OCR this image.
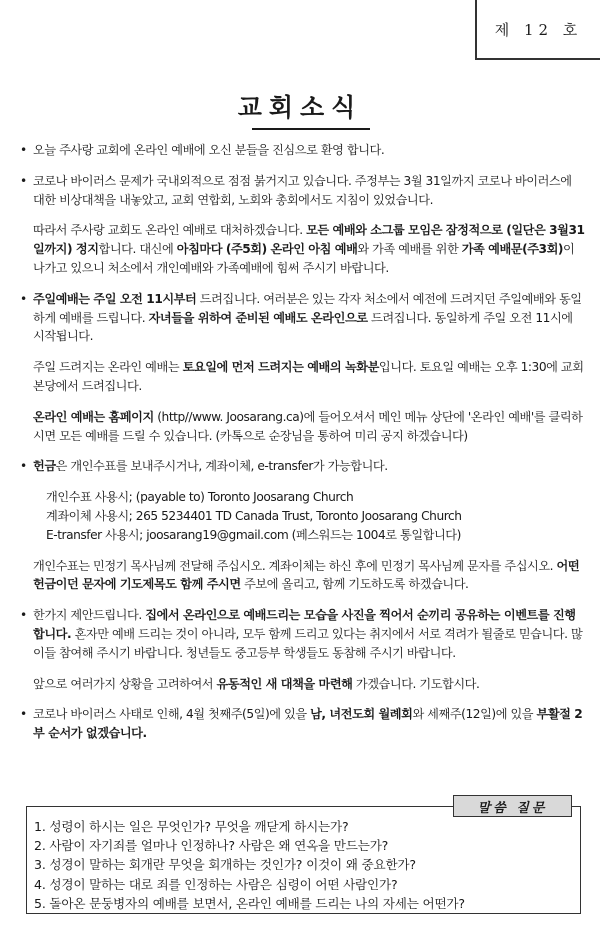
제 12 호
교회소식
• 오늘 주사랑 교회에 온라인 예배에 오신 분들을 진심으로 환영 합니다.
• 코로나 바이러스 문제가 국내외적으로 점점 붉거지고 있습니다. 주정부는 3월 31일까지 코로나 바이러스에 대한 비상대책을 내놓았고, 교회 연합회, 노회와 총회에서도 지침이 있었습니다.
따라서 주사랑 교회도 온라인 예배로 대처하겠습니다. 모든 예배와 소그룹 모임은 잠정적으로 (일단은 3월31일까지) 정지합니다. 대신에 아침마다 (주5회) 온라인 아침 예배와 가족 예배를 위한 가족 예배문(주3회)이 나가고 있으니 처소에서 개인예배와 가족예배에 힘써 주시기 바랍니다.
• 주일예배는 주일 오전 11시부터 드려집니다. 여러분은 있는 각자 처소에서 예전에 드려지던 주일예배와 동일하게 예배를 드립니다. 자녀들을 위하여 준비된 예배도 온라인으로 드려집니다. 동일하게 주일 오전 11시에 시작됩니다.
주일 드려지는 온라인 예배는 토요일에 먼저 드려지는 예배의 녹화분입니다. 토요일 예배는 오후 1:30에 교회 본당에서 드려집니다.
온라인 예배는 홈페이지 (http//www. Joosarang.ca)에 들어오셔서 메인 메뉴 상단에 '온라인 예배'를 클릭하시면 모든 예배를 드릴 수 있습니다. (카톡으로 순장님을 통하여 미리 공지 하겠습니다)
• 헌금은 개인수표를 보내주시거나, 계좌이체, e-transfer가 가능합니다.
개인수표 사용시; (payable to) Toronto Joosarang Church
계좌이체 사용시; 265 5234401 TD Canada Trust, Toronto Joosarang Church
E-transfer 사용시; joosarang19@gmail.com (페스워드는 1004로 통일합니다)
개인수표는 민정기 목사님께 전달해 주십시오. 계좌이체는 하신 후에 민정기 목사님께 문자를 주십시오. 어떤 헌금이던 문자에 기도제목도 함께 주시면 주보에 올리고, 함께 기도하도록 하겠습니다.
• 한가지 제안드립니다. 집에서 온라인으로 예배드리는 모습을 사진을 찍어서 순끼리 공유하는 이벤트를 진행합니다. 혼자만 예배 드리는 것이 아니라, 모두 함께 드리고 있다는 취지에서 서로 격려가 될줄로 믿습니다. 많이들 참여해 주시기 바랍니다. 청년들도 중고등부 학생들도 동참해 주시기 바랍니다.
앞으로 여러가지 상황을 고려하여서 유동적인 새 대책을 마련해 가겠습니다. 기도합시다.
• 코로나 바이러스 사태로 인해, 4월 첫째주(5일)에 있을 남, 녀전도회 월례회와 세째주(12일)에 있을 부활절 2부 순서가 없겠습니다.
1. 성령이 하시는 일은 무엇인가? 무엇을 깨닫게 하시는가?
2. 사람이 자기죄를 얼마나 인정하나? 사람은 왜 연옥을 만드는가?
3. 성경이 말하는 회개란 무엇을 회개하는 것인가? 이것이 왜 중요한가?
4. 성경이 말하는 대로 죄를 인정하는 사람은 심령이 어떤 사람인가?
5. 돌아온 문둥병자의 예배를 보면서, 온라인 예배를 드리는 나의 자세는 어떤가?
말씀 질문
